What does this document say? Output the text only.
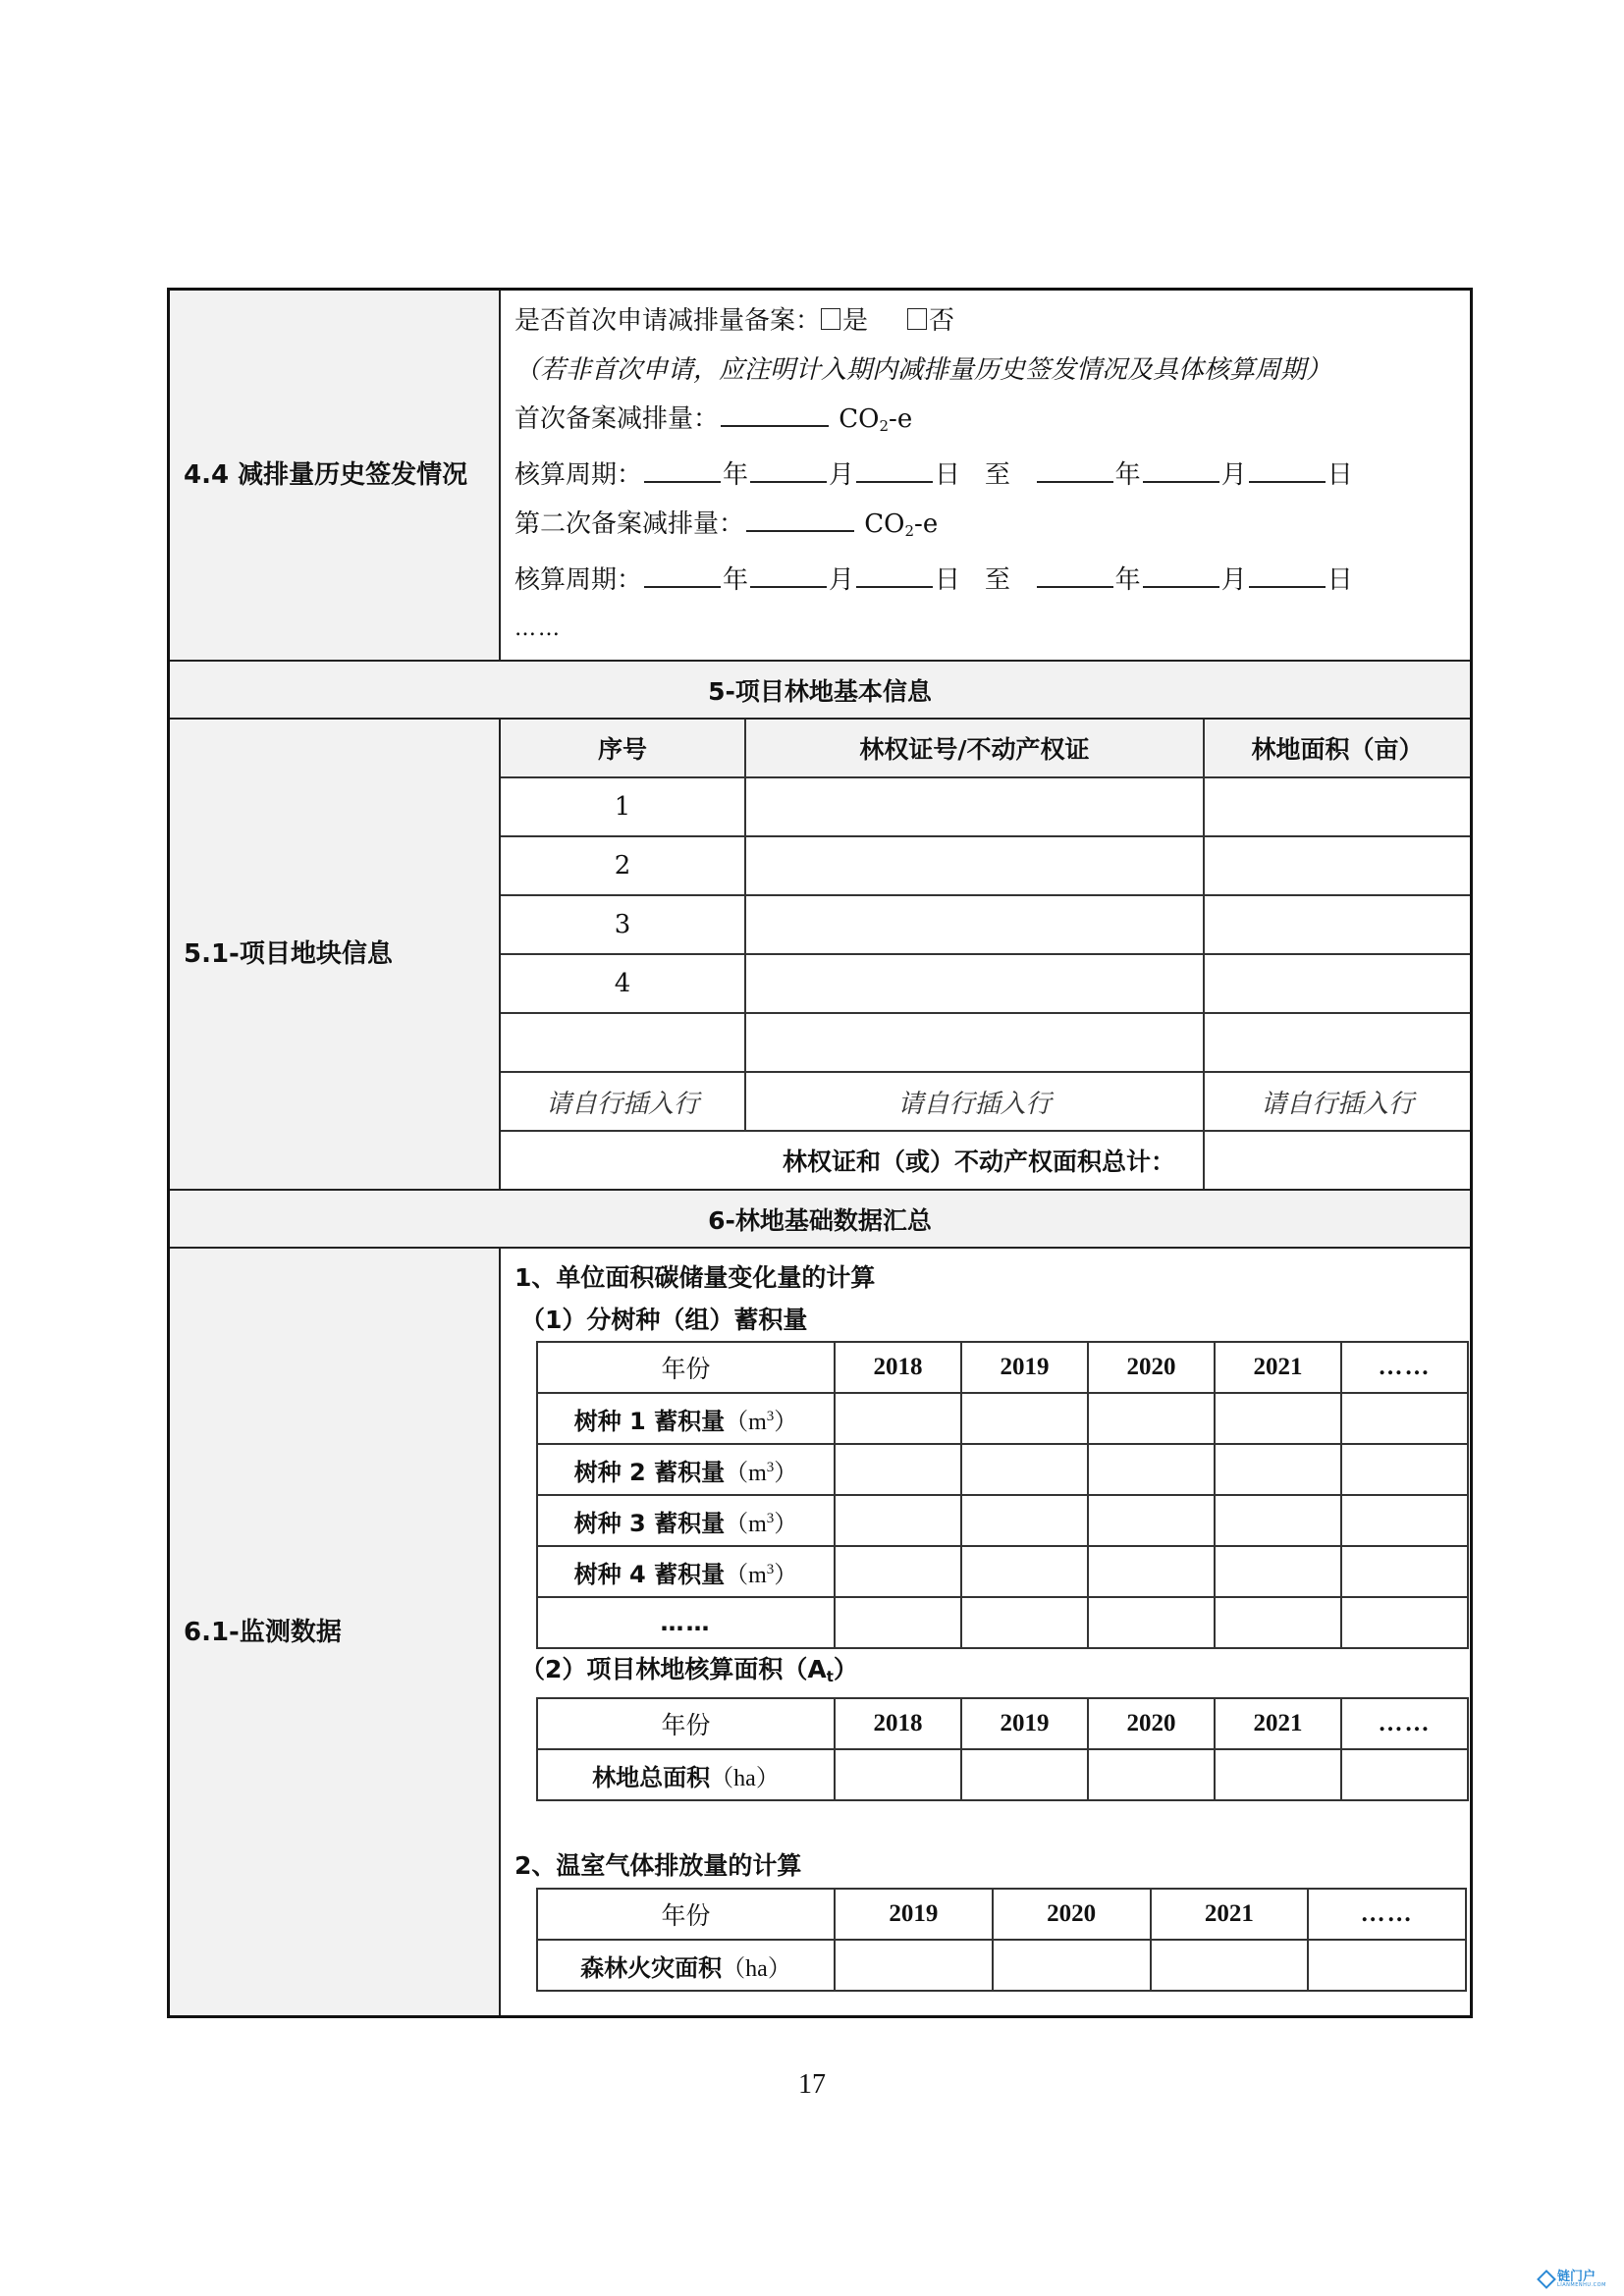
4.4 减排量历史签发情况	
是否首次申请减排量备案： 是 否
（若非首次申请，应注明计入期内减排量历史签发情况及具体核算周期）
首次备案减排量：	$CO_2-e$
核算周期：	年	月	日 至	年	月	日
第二次备案减排量：	$CO_2-e$
核算周期：	年	月	日 至	年	月	日
……

5-项目林地基本信息
5.1-项目地块信息	
序号	林权证号/不动产权证	林地面积（亩）
1		
2		
3		
4		

请自行插入行	请自行插入行	请自行插入行
林权证和（或）不动产权面积总计：	

6-林地基础数据汇总
6.1-监测数据	
1、单位面积碳储量变化量的计算
（1）分树种（组）蓄积量
年份	2018	2019	2020	2021	……
树种 1 蓄积量$(m^3)$					
树种 2 蓄积量$(m^3)$					
树种 3 蓄积量$(m^3)$					
树种 4 蓄积量$(m^3)$					
……					
（2）项目林地核算面积$(A_t)$
年份	2018	2019	2020	2021	……
林地总面积（ha）					
2、温室气体排放量的计算
年份	2019	2020	2021	……
森林火灾面积（ha）				
17
链门户
LIANMENHU.COM
